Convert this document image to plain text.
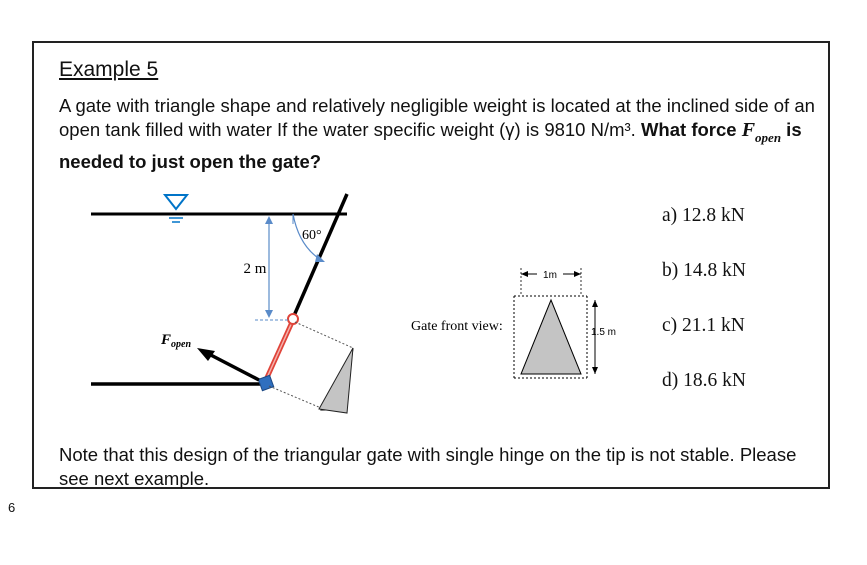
Example 5
A gate with triangle shape and relatively negligible weight is located at the inclined side of an open tank filled with water If the water specific weight (γ) is 9810 N/m³. What force $F_{open}$ is needed to just open the gate?
60°
2 m
$F_{open}$
Gate front view:
1m
1.5 m
a) 12.8 kN
b) 14.8 kN
c) 21.1 kN
d) 18.6 kN
Note that this design of the triangular gate with single hinge on the tip is not stable. Please see next example.
6
